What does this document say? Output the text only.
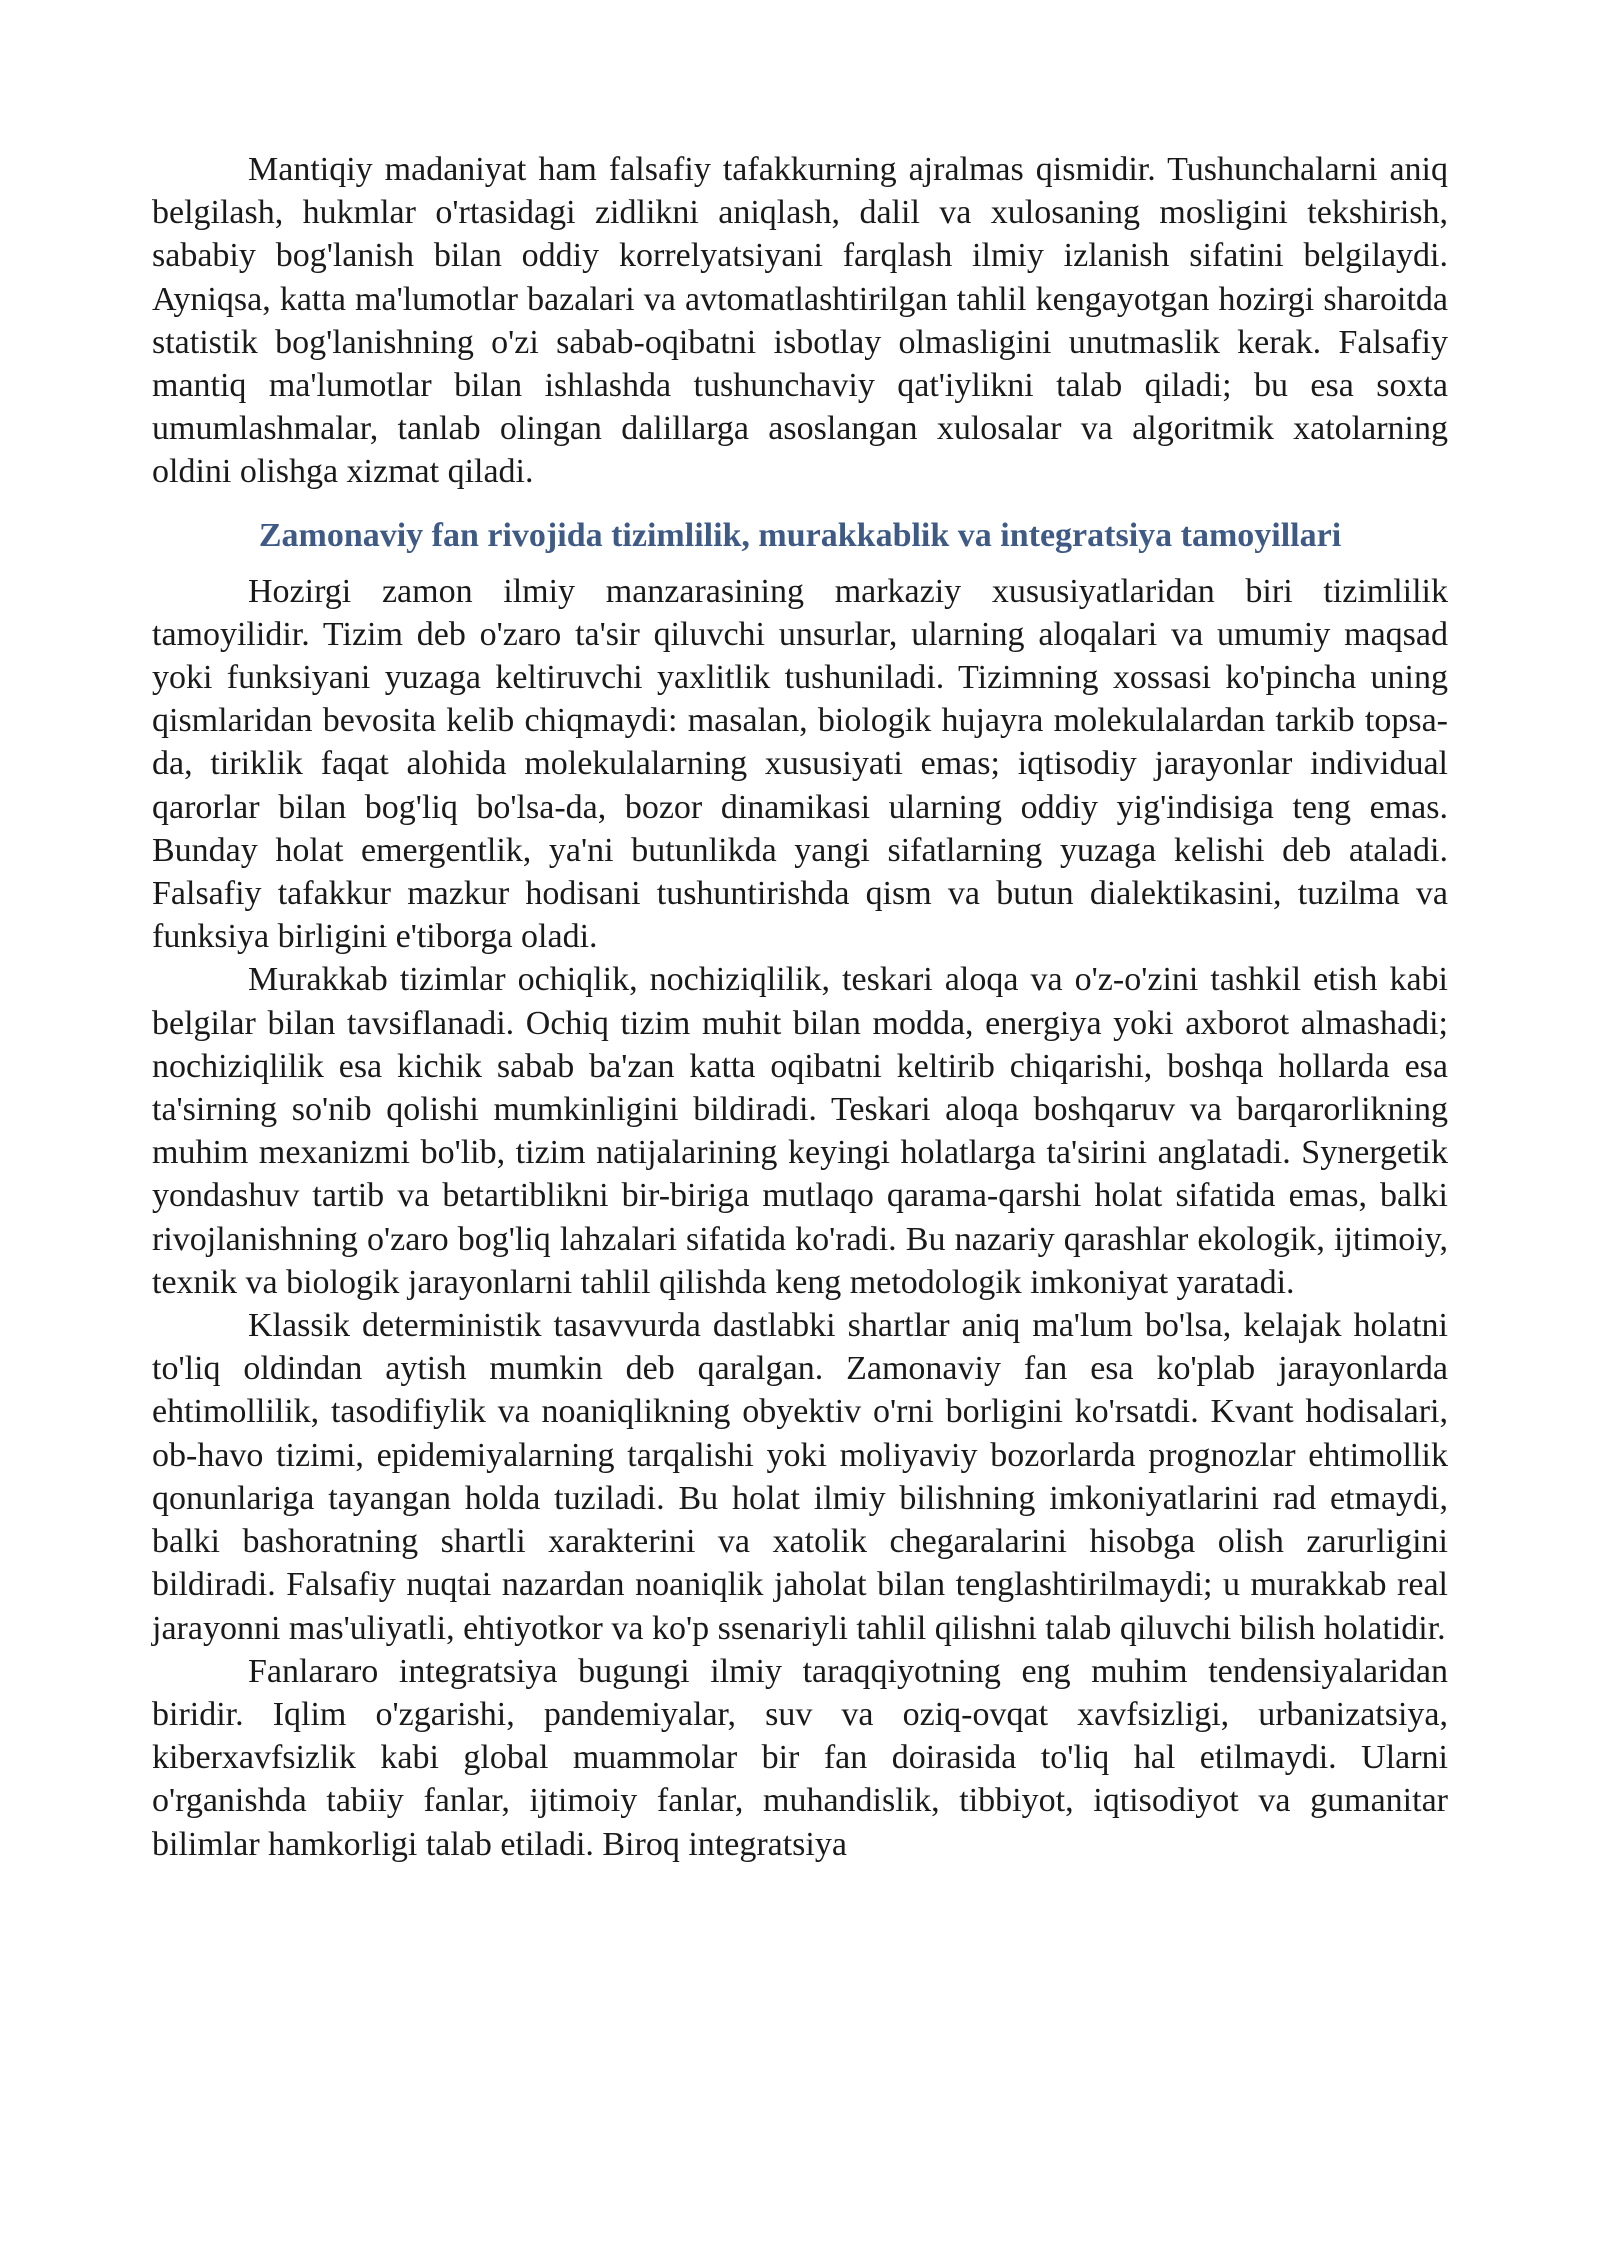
Mantiqiy madaniyat ham falsafiy tafakkurning ajralmas qismidir. Tushunchalarni aniq belgilash, hukmlar o'rtasidagi zidlikni aniqlash, dalil va xulosaning mosligini tekshirish, sababiy bog'lanish bilan oddiy korrelyatsiyani farqlash ilmiy izlanish sifatini belgilaydi. Ayniqsa, katta ma'lumotlar bazalari va avtomatlashtirilgan tahlil kengayotgan hozirgi sharoitda statistik bog'lanishning o'zi sabab-oqibatni isbotlay olmasligini unutmaslik kerak. Falsafiy mantiq ma'lumotlar bilan ishlashda tushunchaviy qat'iylikni talab qiladi; bu esa soxta umumlashmalar, tanlab olingan dalillarga asoslangan xulosalar va algoritmik xatolarning oldini olishga xizmat qiladi.

Zamonaviy fan rivojida tizimlilik, murakkablik va integratsiya tamoyillari

Hozirgi zamon ilmiy manzarasining markaziy xususiyatlaridan biri tizimlilik tamoyilidir. Tizim deb o'zaro ta'sir qiluvchi unsurlar, ularning aloqalari va umumiy maqsad yoki funksiyani yuzaga keltiruvchi yaxlitlik tushuniladi. Tizimning xossasi ko'pincha uning qismlaridan bevosita kelib chiqmaydi: masalan, biologik hujayra molekulalardan tarkib topsa-da, tiriklik faqat alohida molekulalarning xususiyati emas; iqtisodiy jarayonlar individual qarorlar bilan bog'liq bo'lsa-da, bozor dinamikasi ularning oddiy yig'indisiga teng emas. Bunday holat emergentlik, ya'ni butunlikda yangi sifatlarning yuzaga kelishi deb ataladi. Falsafiy tafakkur mazkur hodisani tushuntirishda qism va butun dialektikasini, tuzilma va funksiya birligini e'tiborga oladi.

Murakkab tizimlar ochiqlik, nochiziqlilik, teskari aloqa va o'z-o'zini tashkil etish kabi belgilar bilan tavsiflanadi. Ochiq tizim muhit bilan modda, energiya yoki axborot almashadi; nochiziqlilik esa kichik sabab ba'zan katta oqibatni keltirib chiqarishi, boshqa hollarda esa ta'sirning so'nib qolishi mumkinligini bildiradi. Teskari aloqa boshqaruv va barqarorlikning muhim mexanizmi bo'lib, tizim natijalarining keyingi holatlarga ta'sirini anglatadi. Synergetik yondashuv tartib va betartiblikni bir-biriga mutlaqo qarama-qarshi holat sifatida emas, balki rivojlanishning o'zaro bog'liq lahzalari sifatida ko'radi. Bu nazariy qarashlar ekologik, ijtimoiy, texnik va biologik jarayonlarni tahlil qilishda keng metodologik imkoniyat yaratadi.

Klassik deterministik tasavvurda dastlabki shartlar aniq ma'lum bo'lsa, kelajak holatni to'liq oldindan aytish mumkin deb qaralgan. Zamonaviy fan esa ko'plab jarayonlarda ehtimollilik, tasodifiylik va noaniqlikning obyektiv o'rni borligini ko'rsatdi. Kvant hodisalari, ob-havo tizimi, epidemiyalarning tarqalishi yoki moliyaviy bozorlarda prognozlar ehtimollik qonunlariga tayangan holda tuziladi. Bu holat ilmiy bilishning imkoniyatlarini rad etmaydi, balki bashoratning shartli xarakterini va xatolik chegaralarini hisobga olish zarurligini bildiradi. Falsafiy nuqtai nazardan noaniqlik jaholat bilan tenglashtirilmaydi; u murakkab real jarayonni mas'uliyatli, ehtiyotkor va ko'p ssenariyli tahlil qilishni talab qiluvchi bilish holatidir.

Fanlararo integratsiya bugungi ilmiy taraqqiyotning eng muhim tendensiyalaridan biridir. Iqlim o'zgarishi, pandemiyalar, suv va oziq-ovqat xavfsizligi, urbanizatsiya, kiberxavfsizlik kabi global muammolar bir fan doirasida to'liq hal etilmaydi. Ularni o'rganishda tabiiy fanlar, ijtimoiy fanlar, muhandislik, tibbiyot, iqtisodiyot va gumanitar bilimlar hamkorligi talab etiladi. Biroq integratsiya
